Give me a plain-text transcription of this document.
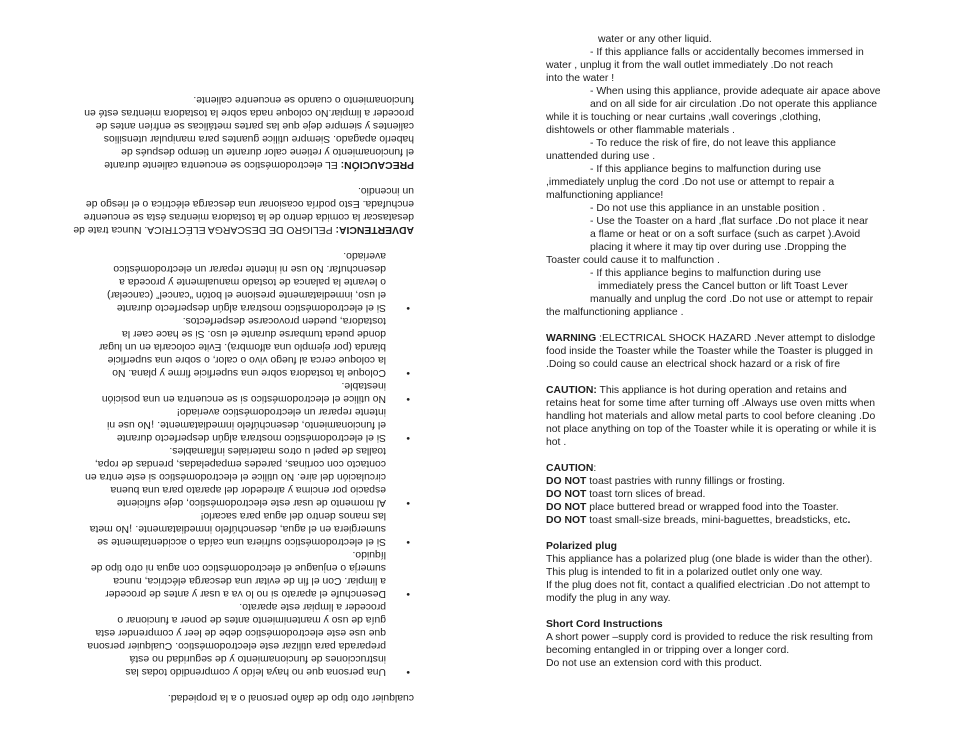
cualquier otro tipo de daño personal o a la propiedad.

•
Una persona que no haya leído y comprendido todas las
instrucciones de funcionamiento y de seguridad no está
preparada para utilizar este electrodoméstico. Cualquier persona
que use este electrodoméstico debe de leer y comprender esta
guía de uso y mantenimiento antes de poner a funcionar o
proceder a limpiar este aparato.
•
Desenchufe el aparato si no lo va a usar y antes de proceder
a limpiar. Con el fin de evitar una descarga eléctrica, nunca
sumerja o enjuague el electrodoméstico con agua ni otro tipo de
líquido.
•
Si el electrodoméstico sufriera una caída o accidentalmente se
sumergiera en el agua, desenchúfelo inmediatamente. ¡No meta
las manos dentro del agua para sacarlo!
•
Al momento de usar este electrodoméstico, deje suficiente
espacio por encima y alrededor del aparato para una buena
circulación del aire. No utilice el electrodoméstico si este entra en
contacto con cortinas, paredes empapeladas, prendas de ropa,
toallas de papel u otros materiales inflamables.
•
Si el electrodoméstico mostrara algún desperfecto durante
el funcionamiento, desenchúfelo inmediatamente. ¡No use ni
intente reparar un electrodoméstico averiado!
•
No utilice el electrodoméstico si se encuentra en una posición
inestable.
•
Coloque la tostadora sobre una superficie firme y plana. No
la coloque cerca al fuego vivo o calor, o sobre una superficie
blanda (por ejemplo una alfombra). Evite colocarla en un lugar
donde pueda tumbarse durante el uso. Si se hace caer la
tostadora, pueden provocarse desperfectos.
•
Si el electrodoméstico mostrara algún desperfecto durante
el uso, inmediatamente presione el botón “cancel” (cancelar)
o levante la palanca de tostado manualmente y proceda a
desenchufar. No use ni intente reparar un electrodoméstico
averiado.
ADVERTENCIA: PELIGRO DE DESCARGA ELÉCTRICA. Nunca trate de
desatascar la comida dentro de la tostadora mientras ésta se encuentre
enchufada. Esto podría ocasionar una descarga eléctrica o el riesgo de
un incendio.
PRECAUCIÓN: EL electrodoméstico se encuentra caliente durante
el funcionamiento y retiene calor durante un tiempo después de
haberlo apagado. Siempre utilice guantes para manipular utensilios
calientes y siempre deje que las partes metálicas se enfríen antes de
proceder a limpiar.No coloque nada sobre la tostadora mientras esté en
funcionamiento o cuando se encuentre caliente.

water or any other liquid.

- If this appliance falls or accidentally becomes immersed in

water , unplug it from the wall outlet immediately .Do not reach

into the water !

- When using this appliance, provide adequate air apace above

and on all side for air circulation .Do not operate this appliance

while it is touching or near curtains ,wall coverings ,clothing,

dishtowels or other flammable materials .

- To reduce the risk of fire, do not leave this appliance

unattended during use .

- If this appliance begins to malfunction during use

,immediately unplug the cord .Do not use or attempt to repair a

malfunctioning appliance!

- Do not use this appliance in an unstable position .

- Use the Toaster on a hard ,flat surface .Do not place it near

a flame or heat or on a soft surface (such as carpet ).Avoid

placing it where it may tip over during use .Dropping the

Toaster could cause it to malfunction .

- If this appliance begins to malfunction during use

immediately press the Cancel button or lift Toast Lever

manually and unplug the cord .Do not use or attempt to repair

the malfunctioning appliance .

WARNING :ELECTRICAL SHOCK HAZARD .Never attempt to dislodge

food inside the Toaster while the Toaster while the Toaster is plugged in

.Doing so could cause an electrical shock hazard or a risk of fire

CAUTION: This appliance is hot during operation and retains and

retains heat for some time after turning off .Always use oven mitts when

handling hot materials and allow metal parts to cool before cleaning .Do

not place anything on top of the Toaster while it is operating or while it is

hot .

CAUTION:

DO NOT toast pastries with runny fillings or frosting.

DO NOT toast torn slices of bread.

DO NOT place buttered bread or wrapped food into the Toaster.

DO NOT toast small-size breads, mini-baguettes, breadsticks, etc.

Polarized plug

This appliance has a polarized plug (one blade is wider than the other).

This plug is intended to fit in a polarized outlet only one way.

If the plug does not fit, contact a qualified electrician .Do not attempt to

modify the plug in any way.

Short Cord Instructions

A short power –supply cord is provided to reduce the risk resulting from

becoming entangled in or tripping over a longer cord.

Do not use an extension cord with this product.
